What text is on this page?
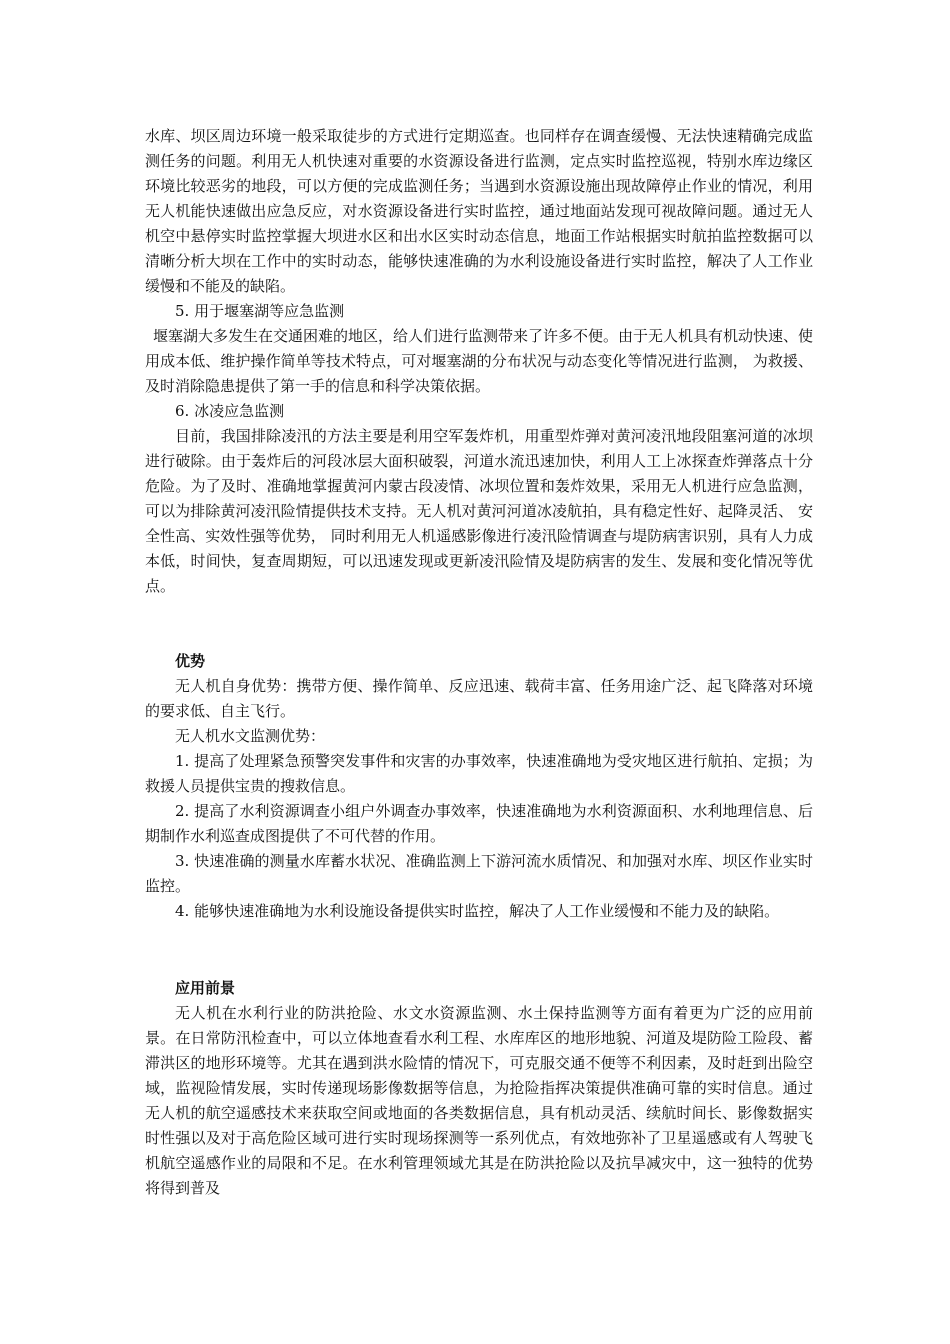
水库、坝区周边环境一般采取徒步的方式进行定期巡查。也同样存在调查缓慢、无法快速精确完成监测任务的问题。利用无人机快速对重要的水资源设备进行监测，定点实时监控巡视，特别水库边缘区环境比较恶劣的地段，可以方便的完成监测任务；当遇到水资源设施出现故障停止作业的情况，利用无人机能快速做出应急反应，对水资源设备进行实时监控，通过地面站发现可视故障问题。通过无人机空中悬停实时监控掌握大坝进水区和出水区实时动态信息，地面工作站根据实时航拍监控数据可以清晰分析大坝在工作中的实时动态，能够快速准确的为水利设施设备进行实时监控，解决了人工作业缓慢和不能及的缺陷。

5. 用于堰塞湖等应急监测

堰塞湖大多发生在交通困难的地区，给人们进行监测带来了许多不便。由于无人机具有机动快速、使用成本低、维护操作简单等技术特点，可对堰塞湖的分布状况与动态变化等情况进行监测， 为救援、及时消除隐患提供了第一手的信息和科学决策依据。

6. 冰凌应急监测

目前，我国排除凌汛的方法主要是利用空军轰炸机，用重型炸弹对黄河凌汛地段阻塞河道的冰坝进行破除。由于轰炸后的河段冰层大面积破裂，河道水流迅速加快，利用人工上冰探查炸弹落点十分危险。为了及时、准确地掌握黄河内蒙古段凌情、冰坝位置和轰炸效果，采用无人机进行应急监测，可以为排除黄河凌汛险情提供技术支持。无人机对黄河河道冰凌航拍，具有稳定性好、起降灵活、 安全性高、实效性强等优势， 同时利用无人机遥感影像进行凌汛险情调查与堤防病害识别，具有人力成本低，时间快，复查周期短，可以迅速发现或更新凌汛险情及堤防病害的发生、发展和变化情况等优点。

优势

无人机自身优势：携带方便、操作简单、反应迅速、载荷丰富、任务用途广泛、起飞降落对环境的要求低、自主飞行。

无人机水文监测优势：

1. 提高了处理紧急预警突发事件和灾害的办事效率，快速准确地为受灾地区进行航拍、定损；为救援人员提供宝贵的搜救信息。

2. 提高了水利资源调查小组户外调查办事效率，快速准确地为水利资源面积、水利地理信息、后期制作水利巡查成图提供了不可代替的作用。

3. 快速准确的测量水库蓄水状况、准确监测上下游河流水质情况、和加强对水库、坝区作业实时监控。

4. 能够快速准确地为水利设施设备提供实时监控，解决了人工作业缓慢和不能力及的缺陷。

应用前景

无人机在水利行业的防洪抢险、水文水资源监测、水土保持监测等方面有着更为广泛的应用前景。在日常防汛检查中，可以立体地查看水利工程、水库库区的地形地貌、河道及堤防险工险段、蓄滞洪区的地形环境等。尤其在遇到洪水险情的情况下，可克服交通不便等不利因素，及时赶到出险空域，监视险情发展，实时传递现场影像数据等信息，为抢险指挥决策提供准确可靠的实时信息。通过无人机的航空遥感技术来获取空间或地面的各类数据信息，具有机动灵活、续航时间长、影像数据实时性强以及对于高危险区域可进行实时现场探测等一系列优点，有效地弥补了卫星遥感或有人驾驶飞机航空遥感作业的局限和不足。在水利管理领域尤其是在防洪抢险以及抗旱减灾中，这一独特的优势将得到普及
